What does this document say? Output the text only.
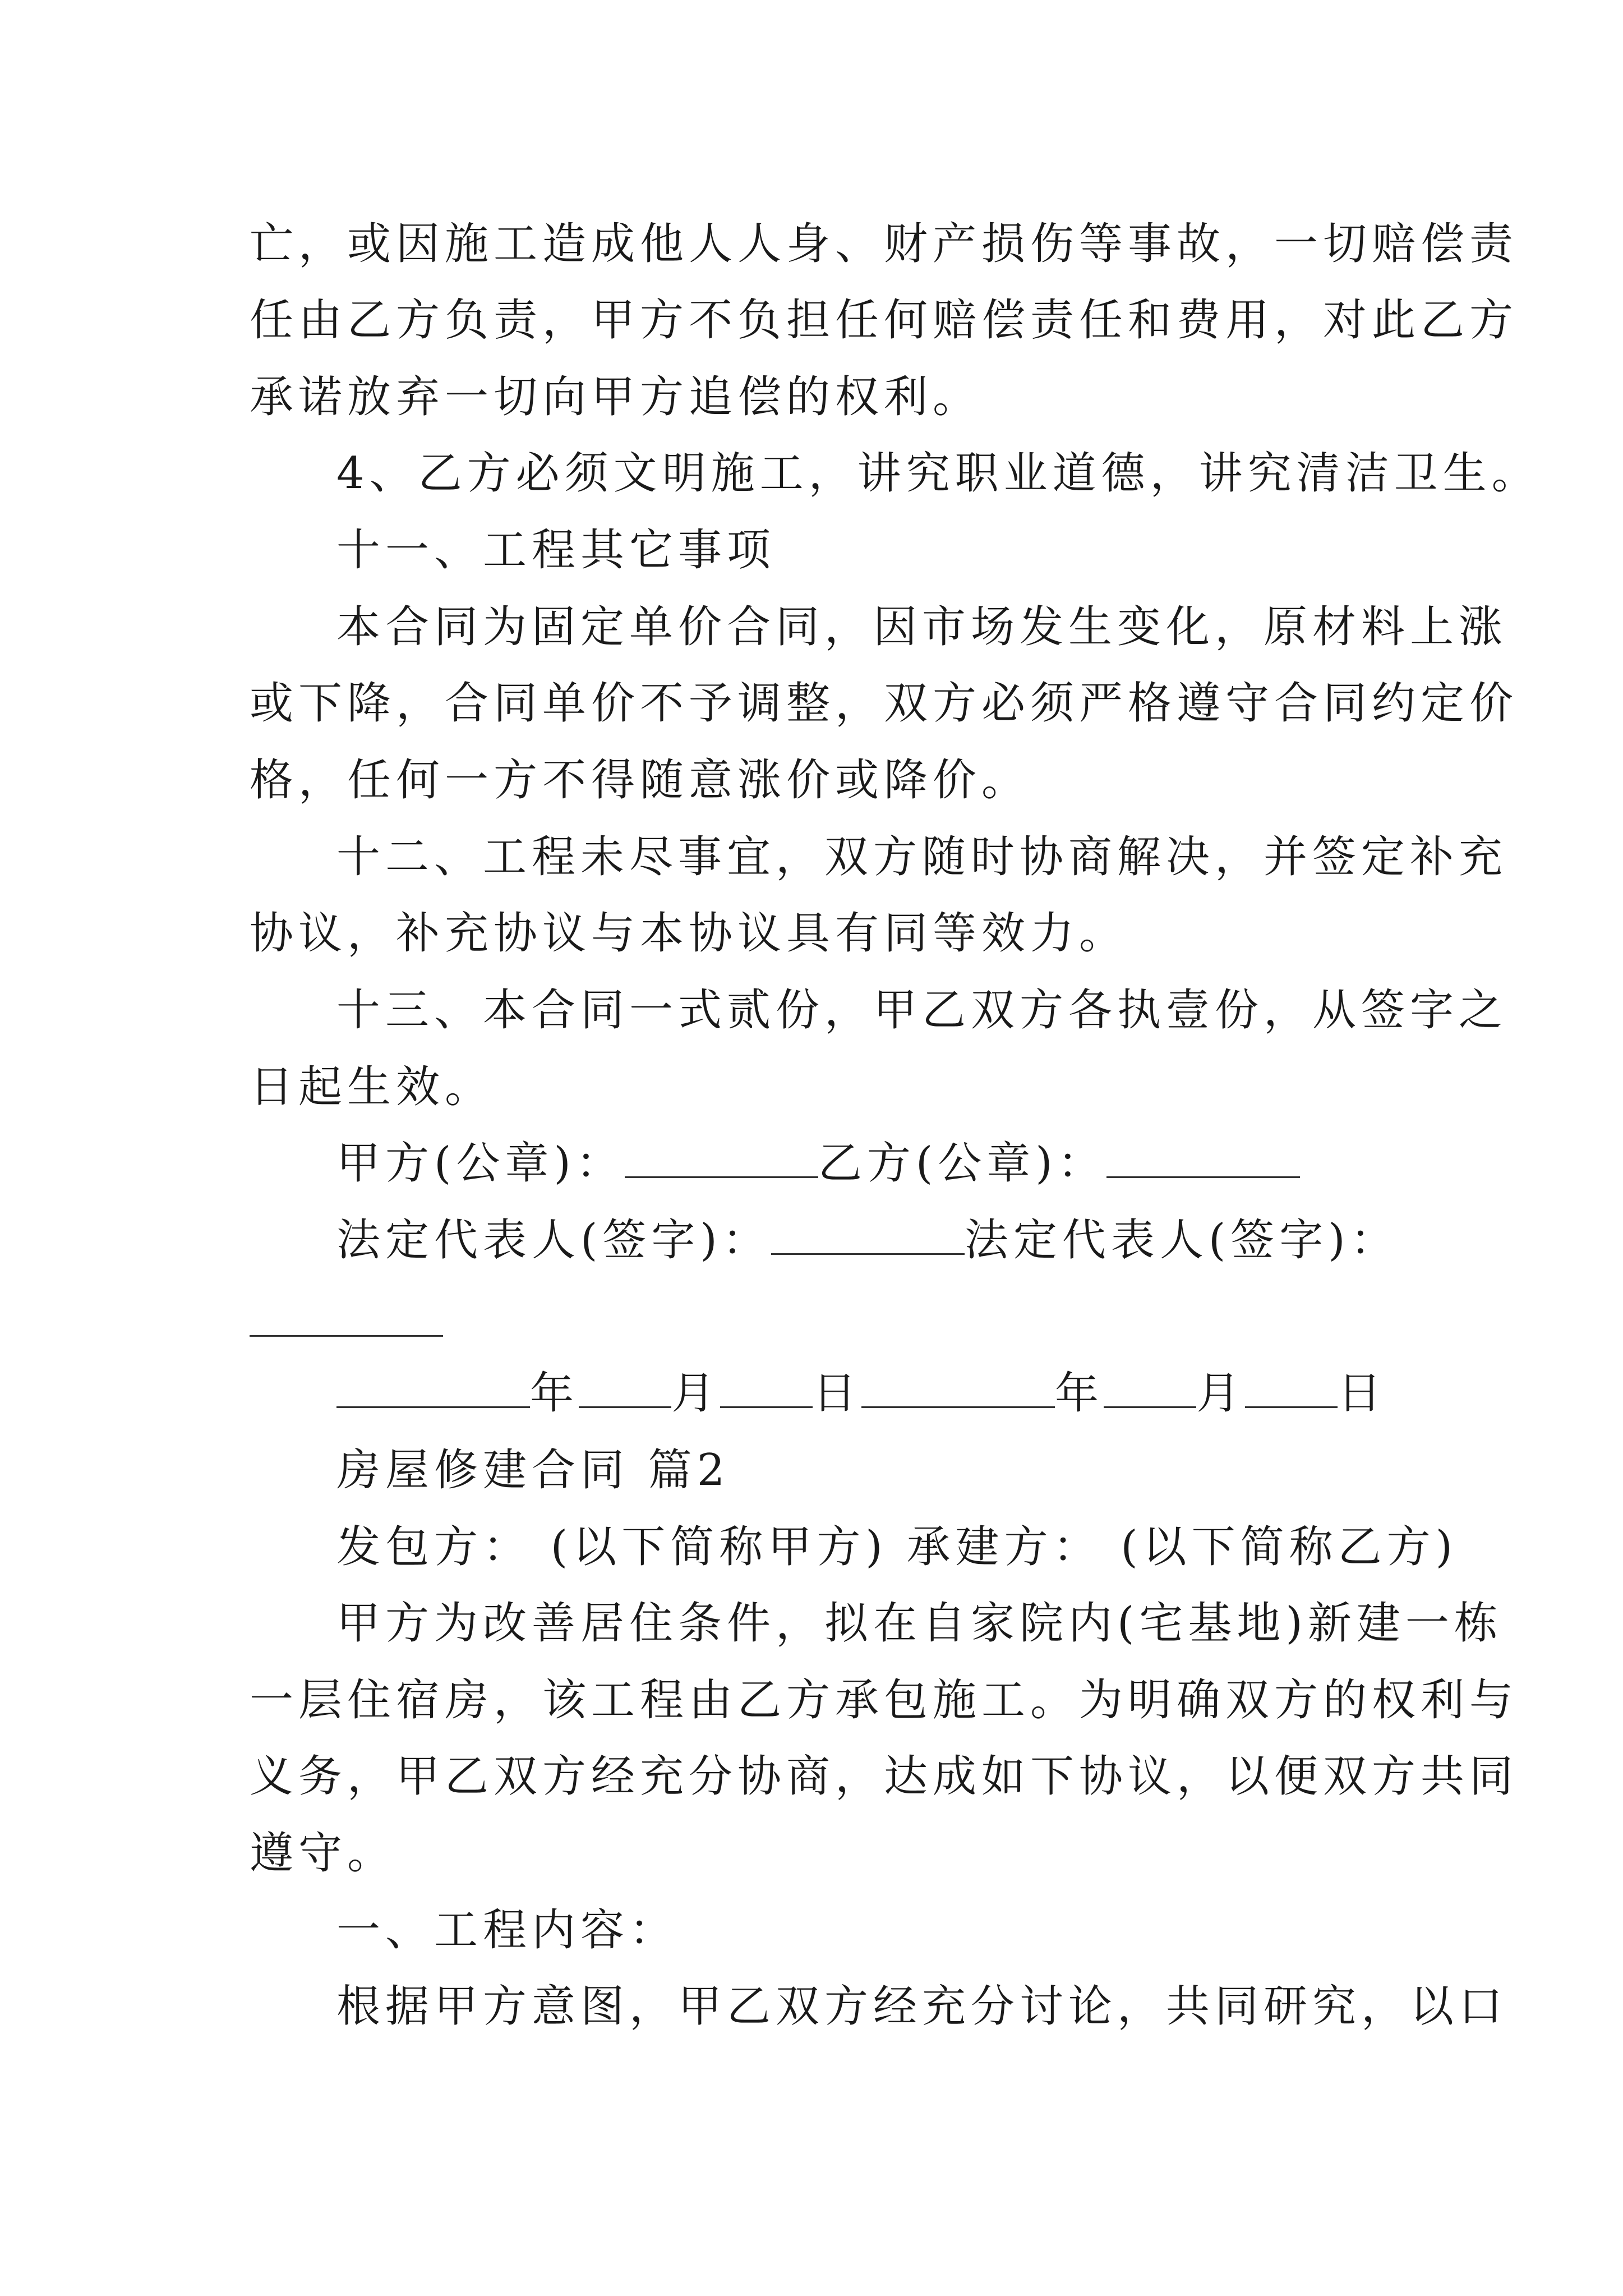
亡，或因施工造成他人人身、财产损伤等事故，一切赔偿责
任由乙方负责，甲方不负担任何赔偿责任和费用，对此乙方
承诺放弃一切向甲方追偿的权利。
4、乙方必须文明施工，讲究职业道德，讲究清洁卫生。
十一、工程其它事项
本合同为固定单价合同，因市场发生变化，原材料上涨
或下降，合同单价不予调整，双方必须严格遵守合同约定价
格，任何一方不得随意涨价或降价。
十二、工程未尽事宜，双方随时协商解决，并签定补充
协议，补充协议与本协议具有同等效力。
十三、本合同一式贰份，甲乙双方各执壹份，从签字之
日起生效。
甲方(公章)：	乙方(公章)：
法定代表人(签字)：	法定代表人(签字)：
年 月 日	年 月 日
房屋修建合同 篇2
发包方： (以下简称甲方) 承建方： (以下简称乙方)
甲方为改善居住条件，拟在自家院内(宅基地)新建一栋
一层住宿房，该工程由乙方承包施工。为明确双方的权利与
义务，甲乙双方经充分协商，达成如下协议，以便双方共同
遵守。
一、工程内容：
根据甲方意图，甲乙双方经充分讨论，共同研究，以口
